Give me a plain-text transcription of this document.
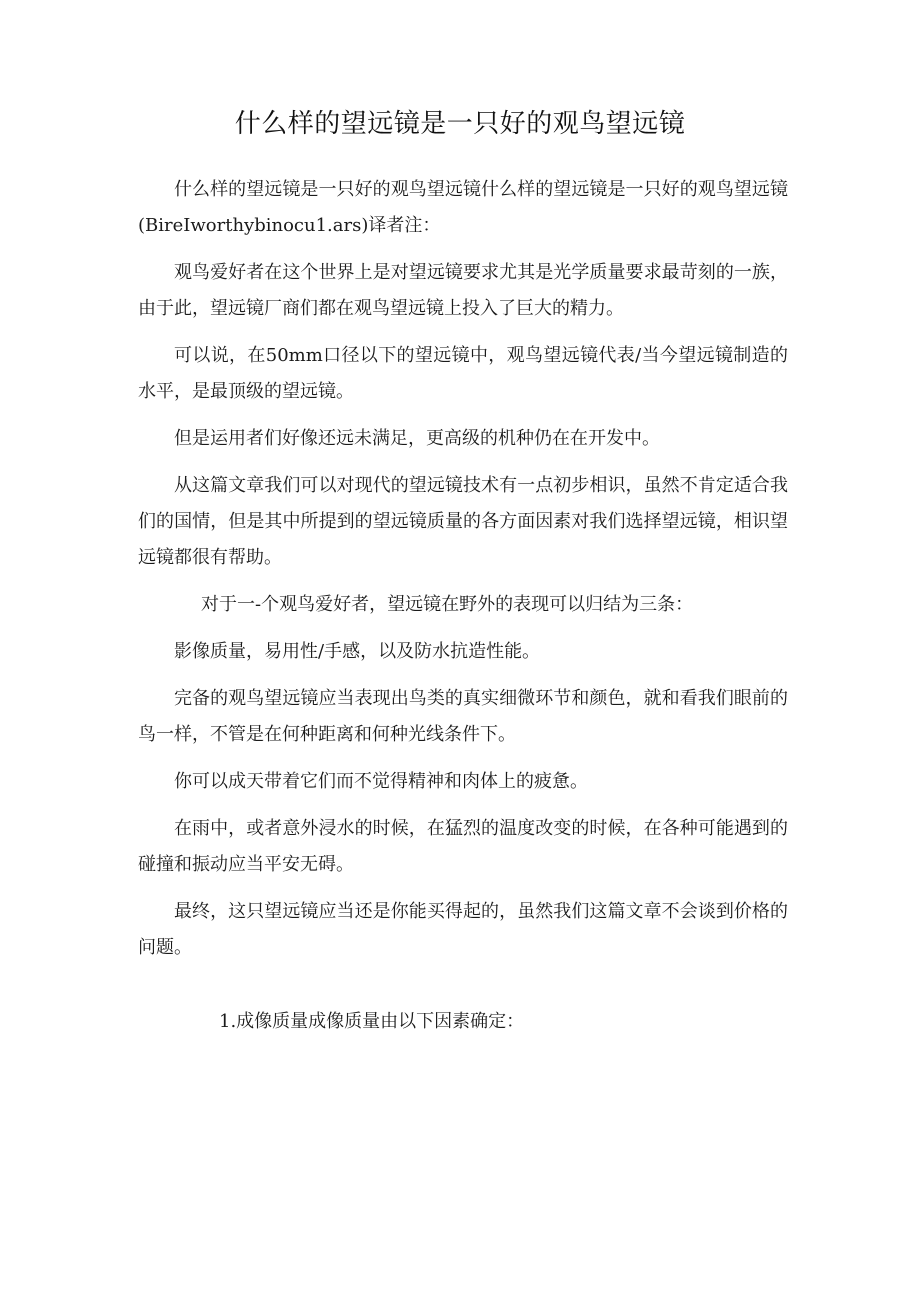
什么样的望远镜是一只好的观鸟望远镜

什么样的望远镜是一只好的观鸟望远镜什么样的望远镜是一只好的观鸟望远镜(BireIworthybinocu1.ars)译者注：

观鸟爱好者在这个世界上是对望远镜要求尤其是光学质量要求最苛刻的一族，由于此，望远镜厂商们都在观鸟望远镜上投入了巨大的精力。

可以说，在50mm口径以下的望远镜中，观鸟望远镜代表/当今望远镜制造的水平，是最顶级的望远镜。

但是运用者们好像还远未满足，更高级的机种仍在在开发中。

从这篇文章我们可以对现代的望远镜技术有一点初步相识，虽然不肯定适合我们的国情，但是其中所提到的望远镜质量的各方面因素对我们选择望远镜，相识望远镜都很有帮助。

对于一-个观鸟爱好者，望远镜在野外的表现可以归结为三条：

影像质量，易用性/手感，以及防水抗造性能。

完备的观鸟望远镜应当表现出鸟类的真实细微环节和颜色，就和看我们眼前的鸟一样，不管是在何种距离和何种光线条件下。

你可以成天带着它们而不觉得精神和肉体上的疲惫。

在雨中，或者意外浸水的时候，在猛烈的温度改变的时候，在各种可能遇到的碰撞和振动应当平安无碍。

最终，这只望远镜应当还是你能买得起的，虽然我们这篇文章不会谈到价格的问题。

1.成像质量成像质量由以下因素确定：
